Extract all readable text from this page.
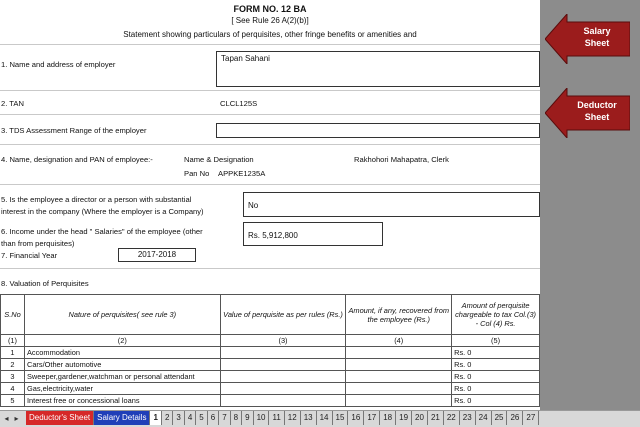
FORM NO. 12 BA
[ See Rule 26 A(2)(b)]
Statement showing particulars of perquisites, other fringe benefits or amenities and
1. Name and address of employer
Tapan Sahani
2. TAN	CLCL125S
3. TDS Assessment Range of the employer
4. Name, designation and PAN of employee:-	Name & Designation	Rakhohori Mahapatra, Clerk
Pan No APPKE1235A
5. Is the employee a director or a person with substantial
interest in the company (Where the employer is a Company)
No
6. Income under the head " Salaries" of the employee (other
than from perquisites)
Rs. 5,912,800
7. Financial Year	2017-2018
8. Valuation of Perquisites
S.No	Nature of perquisites( see rule 3)	Value of perquisite as per rules (Rs.)	Amount, if any, recovered from the employee (Rs.)	Amount of perquisite chargeable to tax Col.(3) - Col (4) Rs.
(1)	(2)	(3)	(4)	(5)
1	Accommodation			Rs. 0
2	Cars/Other automotive			Rs. 0
3	Sweeper,gardener,watchman or personal attendant			Rs. 0
4	Gas,electricity,water			Rs. 0
5	Interest free or concessional loans			Rs. 0
Salary
Sheet
Deductor
Sheet
◂ ▸	Deductor's Sheet Salary Details 1 2 3 4 5 6 7 8 9 10 11 12 13 14 15 16 17 18 19 20 21 22 23 24 25 26 27
